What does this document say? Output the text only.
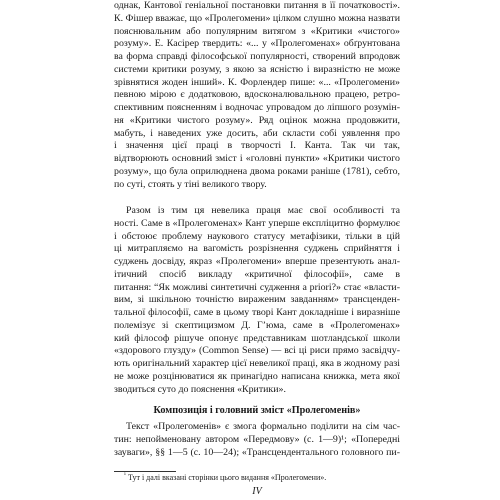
однак, Кантової геніальної постановки питання в її початковості».
К. Фішер вважає, що «Пролегомени» цілком слушно можна назвати
пояснювальним або популярним витягом з «Критики «чистого»
розуму». Е. Касірер твердить: «... у «Пролегоменах» обґрунтована
ва форма справді філософської популярності, створений впродовж
системи критики розуму, з якою за ясністю і виразністю не може
зрівнятися жоден інший». К. Форлендер пише: «... «Пролегомени»
певною мірою є додатковою, вдосконалювальною працею, ретро-
спективним поясненням і водночас упровадом до ліпшого розумін-
ня «Критики чистого розуму». Ряд оцінок можна продовжити,
мабуть, і наведених уже досить, аби скласти собі уявлення про
і значення цієї праці в творчості І. Канта. Так чи так,
відтворюють основний зміст і «головні пункти» «Критики чистого
розуму», що була оприлюднена двома роками раніше (1781), себто,
по суті, стоять у тіні великого твору.
Разом із тим ця невелика праця має свої особливості та
ності. Саме в «Пролегоменах» Кант уперше експліцитно формулює
і обстоює проблему наукового статусу метафізики, тільки в цій
ці митрапляємо на вагомість розрізнення суджень сприйняття і
суджень досвіду, якраз «Пролегомени» вперше презентують анал-
ітичний спосіб викладу «критичної філософії», саме в
питання: “Як можливі синтетичні судження а priori?» стає «власти-
вим, зі шкільною точністю вираженим завданням» трансценден-
тальної філософії, саме в цьому творі Кант докладніше і виразніше
полемізує зі скептицизмом Д. Г’юма, саме в «Пролегоменах»
кий філософ рішуче опонує представникам шотландської школи
«здорового глузду» (Common Sense) — всі ці риси прямо засвідчу-
ють оригінальний характер цієї невеликої праці, яка в жодному разі
не може розцінюватися як принагідно написана книжка, мета якої
зводиться суто до пояснення «Критики».
Композиція і головний зміст «Пролегоменів»
Текст «Пролегоменів» є змога формально поділити на сім час-
тин: непойменовану автором «Передмову» (с. 1—9)¹; «Попередні
зауваги», §§ 1—5 (с. 10—24); «Трансцендентального головного пи-
$^{^1}$ Тут і далі вказані сторінки цього видання «Пролегомени».
IV
